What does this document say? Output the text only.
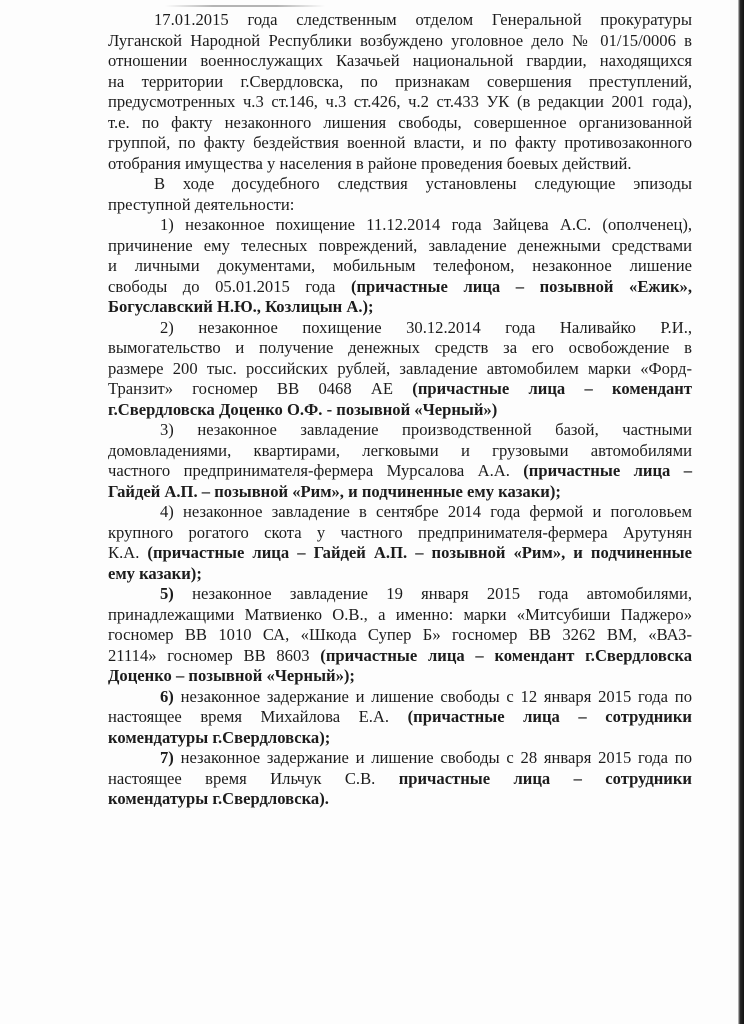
17.01.2015 года следственным отделом Генеральной прокуратуры
Луганской Народной Республики возбуждено уголовное дело № 01/15/0006 в
отношении военнослужащих Казачьей национальной гвардии, находящихся
на территории г.Свердловска, по признакам совершения преступлений,
предусмотренных ч.3 ст.146, ч.3 ст.426, ч.2 ст.433 УК (в редакции 2001 года),
т.е. по факту незаконного лишения свободы, совершенное организованной
группой, по факту бездействия военной власти, и по факту противозаконного
отобрания имущества у населения в районе проведения боевых действий.
В ходе досудебного следствия установлены следующие эпизоды
преступной деятельности:
1) незаконное похищение 11.12.2014 года Зайцева А.С. (ополченец),
причинение ему телесных повреждений, завладение денежными средствами
и личными документами, мобильным телефоном, незаконное лишение
свободы до 05.01.2015 года (причастные лица – позывной «Ежик»,
Богуславский Н.Ю., Козлицын А.);
2) незаконное похищение 30.12.2014 года Наливайко Р.И.,
вымогательство и получение денежных средств за его освобождение в
размере 200 тыс. российских рублей, завладение автомобилем марки «Форд-
Транзит» госномер ВВ 0468 АЕ (причастные лица – комендант
г.Свердловска Доценко О.Ф. - позывной «Черный»)
3) незаконное завладение производственной базой, частными
домовладениями, квартирами, легковыми и грузовыми автомобилями
частного предпринимателя-фермера Мурсалова А.А. (причастные лица –
Гайдей А.П. – позывной «Рим», и подчиненные ему казаки);
4) незаконное завладение в сентябре 2014 года фермой и поголовьем
крупного рогатого скота у частного предпринимателя-фермера Арутунян
К.А. (причастные лица – Гайдей А.П. – позывной «Рим», и подчиненные
ему казаки);
5) незаконное завладение 19 января 2015 года автомобилями,
принадлежащими Матвиенко О.В., а именно: марки «Митсубиши Паджеро»
госномер ВВ 1010 СА, «Шкода Супер Б» госномер ВВ 3262 ВМ, «ВАЗ-
21114» госномер ВВ 8603 (причастные лица – комендант г.Свердловска
Доценко – позывной «Черный»);
6) незаконное задержание и лишение свободы с 12 января 2015 года по
настоящее время Михайлова Е.А. (причастные лица – сотрудники
комендатуры г.Свердловска);
7) незаконное задержание и лишение свободы с 28 января 2015 года по
настоящее время Ильчук С.В. причастные лица – сотрудники
комендатуры г.Свердловска).
